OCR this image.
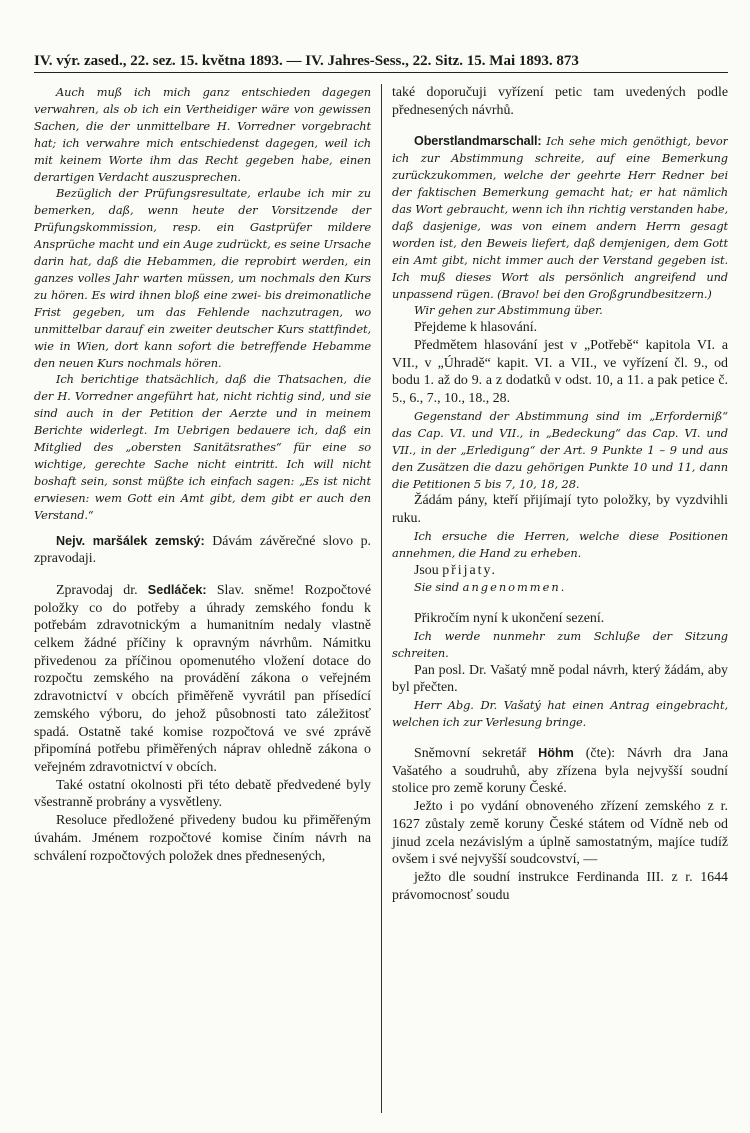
IV. výr. zased., 22. sez. 15. května 1893. — IV. Jahres-Sess., 22. Sitz. 15. Mai 1893. 873

Auch muß ich mich ganz entschieden dagegen verwahren, als ob ich ein Vertheidiger wäre von gewissen Sachen, die der unmittelbare H. Vorredner vorgebracht hat; ich verwahre mich entschiedenst dagegen, weil ich mit keinem Worte ihm das Recht gegeben habe, einen derartigen Verdacht auszusprechen.

Bezüglich der Prüfungsresultate, erlaube ich mir zu bemerken, daß, wenn heute der Vorsitzende der Prüfungskommission, resp. ein Gastprüfer mildere Ansprüche macht und ein Auge zudrückt, es seine Ursache darin hat, daß die Hebammen, die reprobirt werden, ein ganzes volles Jahr warten müssen, um nochmals den Kurs zu hören. Es wird ihnen bloß eine zwei- bis dreimonatliche Frist gegeben, um das Fehlende nachzutragen, wo unmittelbar darauf ein zweiter deutscher Kurs stattfindet, wie in Wien, dort kann sofort die betreffende Hebamme den neuen Kurs nochmals hören.

Ich berichtige thatsächlich, daß die Thatsachen, die der H. Vorredner angeführt hat, nicht richtig sind, und sie sind auch in der Petition der Aerzte und in meinem Berichte widerlegt. Im Uebrigen bedauere ich, daß ein Mitglied des „obersten Sanitätsrathes“ für eine so wichtige, gerechte Sache nicht eintritt. Ich will nicht boshaft sein, sonst müßte ich einfach sagen: „Es ist nicht erwiesen: wem Gott ein Amt gibt, dem gibt er auch den Verstand.“

Nejv. maršálek zemský: Dávám závěrečné slovo p. zpravodaji.

Zpravodaj dr. Sedláček: Slav. sněme! Rozpočtové položky co do potřeby a úhrady zemského fondu k potřebám zdravotnickým a humanitním nedaly vlastně celkem žádné příčiny k opravným návrhům. Námitku přivedenou za příčinou opomenutého vložení dotace do rozpočtu zemského na provádění zákona o veřejném zdravotnictví v obcích přiměřeně vyvrátil pan přísedící zemského výboru, do jehož působnosti tato záležitosť spadá. Ostatně také komise rozpočtová ve své zprávě připomíná potřebu přiměřených náprav ohledně zákona o veřejném zdravotnictví v obcích.

Také ostatní okolnosti při této debatě předvedené byly všestranně probrány a vysvětleny.

Resoluce předložené přivedeny budou ku přiměřeným úvahám. Jménem rozpočtové komise činím návrh na schválení rozpočtových položek dnes přednesených,

také doporučuji vyřízení petic tam uvedených podle přednesených návrhů.

Oberstlandmarschall: Ich sehe mich genöthigt, bevor ich zur Abstimmung schreite, auf eine Bemerkung zurückzukommen, welche der geehrte Herr Redner bei der faktischen Bemerkung gemacht hat; er hat nämlich das Wort gebraucht, wenn ich ihn richtig verstanden habe, daß dasjenige, was von einem andern Herrn gesagt worden ist, den Beweis liefert, daß demjenigen, dem Gott ein Amt gibt, nicht immer auch der Verstand gegeben ist. Ich muß dieses Wort als persönlich angreifend und unpassend rügen. (Bravo! bei den Großgrundbesitzern.)

Wir gehen zur Abstimmung über.

Přejdeme k hlasování.

Předmětem hlasování jest v „Potřebě“ kapitola VI. a VII., v „Úhradě“ kapit. VI. a VII., ve vyřízení čl. 9., od bodu 1. až do 9. a z dodatků v odst. 10, a 11. a pak petice č. 5., 6., 7., 10., 18., 28.

Gegenstand der Abstimmung sind im „Erforderniß“ das Cap. VI. und VII., in „Bedeckung“ das Cap. VI. und VII., in der „Erledigung“ der Art. 9 Punkte 1 – 9 und aus den Zusätzen die dazu gehörigen Punkte 10 und 11, dann die Petitionen 5 bis 7, 10, 18, 28.

Žádám pány, kteří přijímají tyto položky, by vyzdvihli ruku.

Ich ersuche die Herren, welche diese Positionen annehmen, die Hand zu erheben.

Jsou přijaty.

Sie sind angenommen.

Přikročím nyní k ukončení sezení.

Ich werde nunmehr zum Schluße der Sitzung schreiten.

Pan posl. Dr. Vašatý mně podal návrh, který žádám, aby byl přečten.

Herr Abg. Dr. Vašatý hat einen Antrag eingebracht, welchen ich zur Verlesung bringe.

Sněmovní sekretář Höhm (čte): Návrh dra Jana Vašatého a soudruhů, aby zřízena byla nejvyšší soudní stolice pro země koruny České.

Ježto i po vydání obnoveného zřízení zemského z r. 1627 zůstaly země koruny České státem od Vídně neb od jinud zcela nezávislým a úplně samostatným, majíce tudíž ovšem i své nejvyšší soudcovství, —

ježto dle soudní instrukce Ferdinanda III. z r. 1644 právomocnosť soudu
